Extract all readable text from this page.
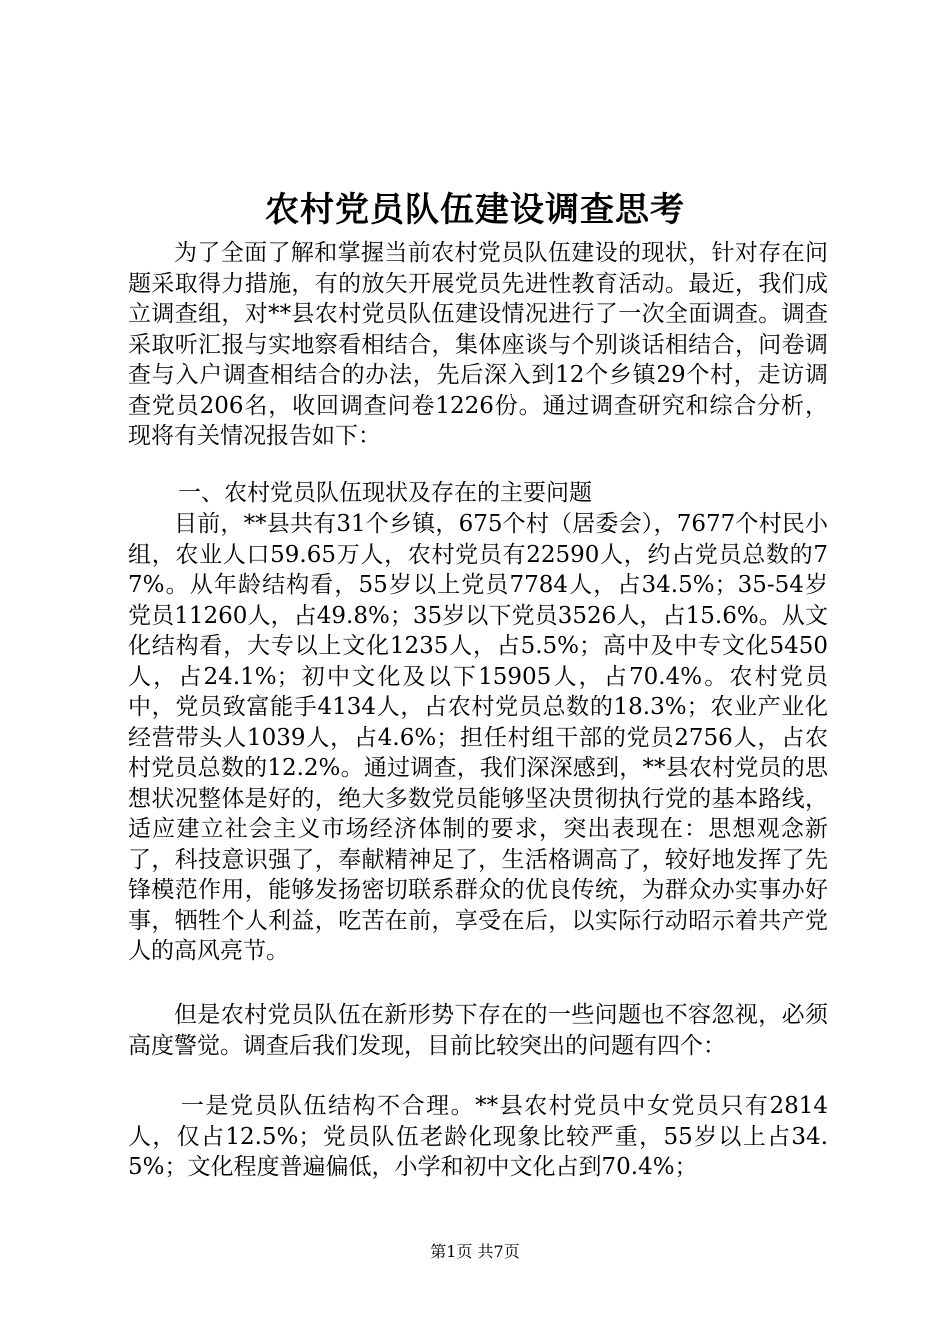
农村党员队伍建设调查思考

为了全面了解和掌握当前农村党员队伍建设的现状，针对存在问题采取得力措施，有的放矢开展党员先进性教育活动。最近，我们成立调查组，对**县农村党员队伍建设情况进行了一次全面调查。调查采取听汇报与实地察看相结合，集体座谈与个别谈话相结合，问卷调查与入户调查相结合的办法，先后深入到12个乡镇29个村，走访调查党员206名，收回调查问卷1226份。通过调查研究和综合分析，现将有关情况报告如下：

一、农村党员队伍现状及存在的主要问题

目前，**县共有31个乡镇，675个村（居委会），7677个村民小组，农业人口59.65万人，农村党员有22590人，约占党员总数的77%。从年龄结构看，55岁以上党员7784人，占34.5%；35-54岁党员11260人，占49.8%；35岁以下党员3526人，占15.6%。从文化结构看，大专以上文化1235人，占5.5%；高中及中专文化5450人，占24.1%；初中文化及以下15905人，占70.4%。农村党员中，党员致富能手4134人，占农村党员总数的18.3%；农业产业化经营带头人1039人，占4.6%；担任村组干部的党员2756人，占农村党员总数的12.2%。通过调查，我们深深感到，**县农村党员的思想状况整体是好的，绝大多数党员能够坚决贯彻执行党的基本路线，适应建立社会主义市场经济体制的要求，突出表现在：思想观念新了，科技意识强了，奉献精神足了，生活格调高了，较好地发挥了先锋模范作用，能够发扬密切联系群众的优良传统，为群众办实事办好事，牺牲个人利益，吃苦在前，享受在后，以实际行动昭示着共产党人的高风亮节。

但是农村党员队伍在新形势下存在的一些问题也不容忽视，必须高度警觉。调查后我们发现，目前比较突出的问题有四个：

一是党员队伍结构不合理。**县农村党员中女党员只有2814人，仅占12.5%；党员队伍老龄化现象比较严重，55岁以上占34.5%；文化程度普遍偏低，小学和初中文化占到70.4%；

第1页 共7页
